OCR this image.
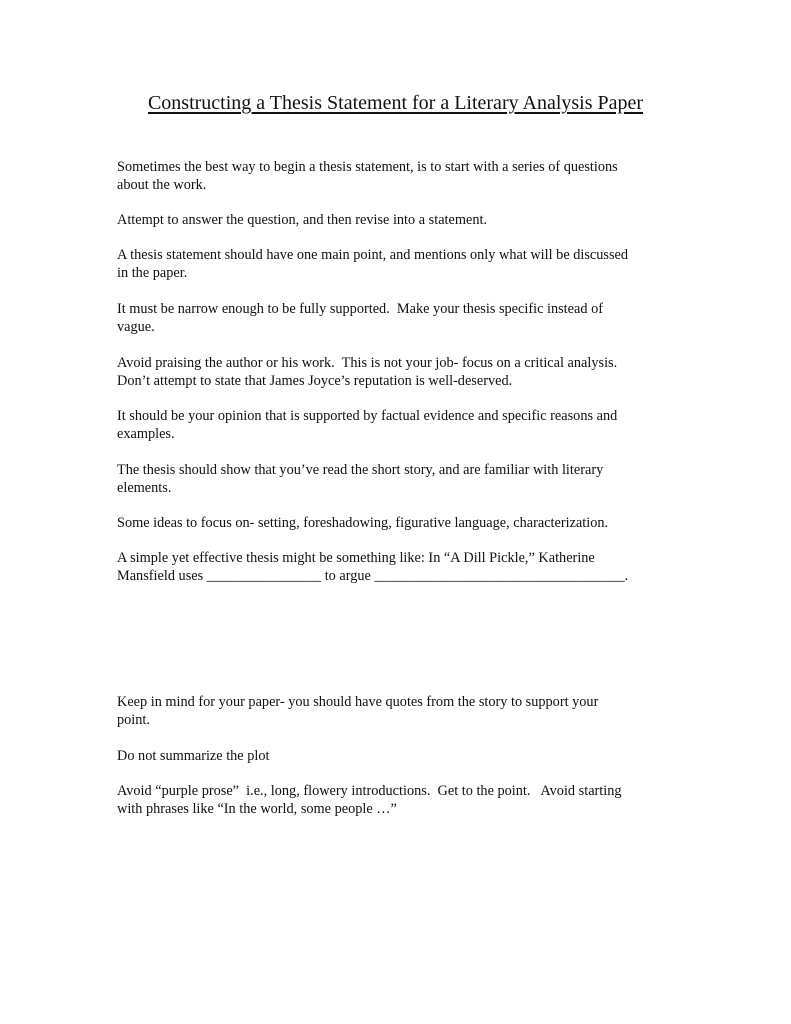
Constructing a Thesis Statement for a Literary Analysis Paper

Sometimes the best way to begin a thesis statement, is to start with a series of questions
about the work.

Attempt to answer the question, and then revise into a statement.

A thesis statement should have one main point, and mentions only what will be discussed
in the paper.

It must be narrow enough to be fully supported.  Make your thesis specific instead of
vague.

Avoid praising the author or his work.  This is not your job- focus on a critical analysis.
Don’t attempt to state that James Joyce’s reputation is well-deserved.

It should be your opinion that is supported by factual evidence and specific reasons and
examples.

The thesis should show that you’ve read the short story, and are familiar with literary
elements.

Some ideas to focus on- setting, foreshadowing, figurative language, characterization.

A simple yet effective thesis might be something like: In “A Dill Pickle,” Katherine
Mansfield uses ________________ to argue ___________________________________.

Keep in mind for your paper- you should have quotes from the story to support your
point.

Do not summarize the plot

Avoid “purple prose”  i.e., long, flowery introductions.  Get to the point.   Avoid starting
with phrases like “In the world, some people …”
